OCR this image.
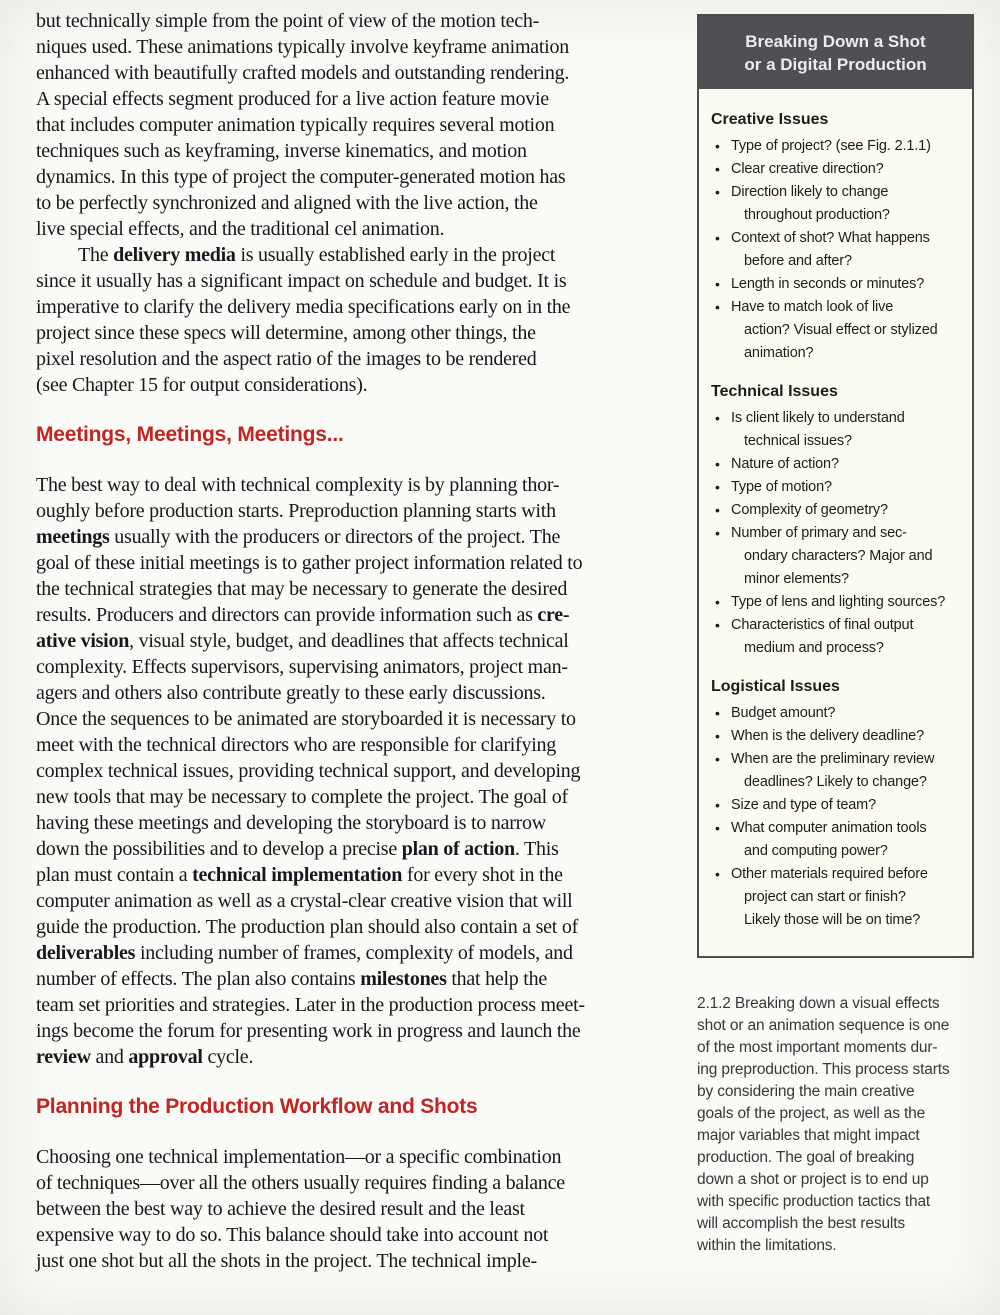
but technically simple from the point of view of the motion tech-
niques used. These animations typically involve keyframe animation
enhanced with beautifully crafted models and outstanding rendering.
A special effects segment produced for a live action feature movie
that includes computer animation typically requires several motion
techniques such as keyframing, inverse kinematics, and motion
dynamics. In this type of project the computer-generated motion has
to be perfectly synchronized and aligned with the live action, the
live special effects, and the traditional cel animation.
The delivery media is usually established early in the project
since it usually has a significant impact on schedule and budget. It is
imperative to clarify the delivery media specifications early on in the
project since these specs will determine, among other things, the
pixel resolution and the aspect ratio of the images to be rendered
(see Chapter 15 for output considerations).
Meetings, Meetings, Meetings...
The best way to deal with technical complexity is by planning thor-
oughly before production starts. Preproduction planning starts with
meetings usually with the producers or directors of the project. The
goal of these initial meetings is to gather project information related to
the technical strategies that may be necessary to generate the desired
results. Producers and directors can provide information such as cre-
ative vision, visual style, budget, and deadlines that affects technical
complexity. Effects supervisors, supervising animators, project man-
agers and others also contribute greatly to these early discussions.
Once the sequences to be animated are storyboarded it is necessary to
meet with the technical directors who are responsible for clarifying
complex technical issues, providing technical support, and developing
new tools that may be necessary to complete the project. The goal of
having these meetings and developing the storyboard is to narrow
down the possibilities and to develop a precise plan of action. This
plan must contain a technical implementation for every shot in the
computer animation as well as a crystal-clear creative vision that will
guide the production. The production plan should also contain a set of
deliverables including number of frames, complexity of models, and
number of effects. The plan also contains milestones that help the
team set priorities and strategies. Later in the production process meet-
ings become the forum for presenting work in progress and launch the
review and approval cycle.
Planning the Production Workflow and Shots
Choosing one technical implementation—or a specific combination
of techniques—over all the others usually requires finding a balance
between the best way to achieve the desired result and the least
expensive way to do so. This balance should take into account not
just one shot but all the shots in the project. The technical imple-
Breaking Down a Shot
or a Digital Production
Creative Issues
• Type of project? (see Fig. 2.1.1)
• Clear creative direction?
• Direction likely to change
throughout production?
• Context of shot? What happens
before and after?
• Length in seconds or minutes?
• Have to match look of live
action? Visual effect or stylized
animation?
Technical Issues
• Is client likely to understand
technical issues?
• Nature of action?
• Type of motion?
• Complexity of geometry?
• Number of primary and sec-
ondary characters? Major and
minor elements?
• Type of lens and lighting sources?
• Characteristics of final output
medium and process?
Logistical Issues
• Budget amount?
• When is the delivery deadline?
• When are the preliminary review
deadlines? Likely to change?
• Size and type of team?
• What computer animation tools
and computing power?
• Other materials required before
project can start or finish?
Likely those will be on time?
2.1.2 Breaking down a visual effects
shot or an animation sequence is one
of the most important moments dur-
ing preproduction. This process starts
by considering the main creative
goals of the project, as well as the
major variables that might impact
production. The goal of breaking
down a shot or project is to end up
with specific production tactics that
will accomplish the best results
within the limitations.
